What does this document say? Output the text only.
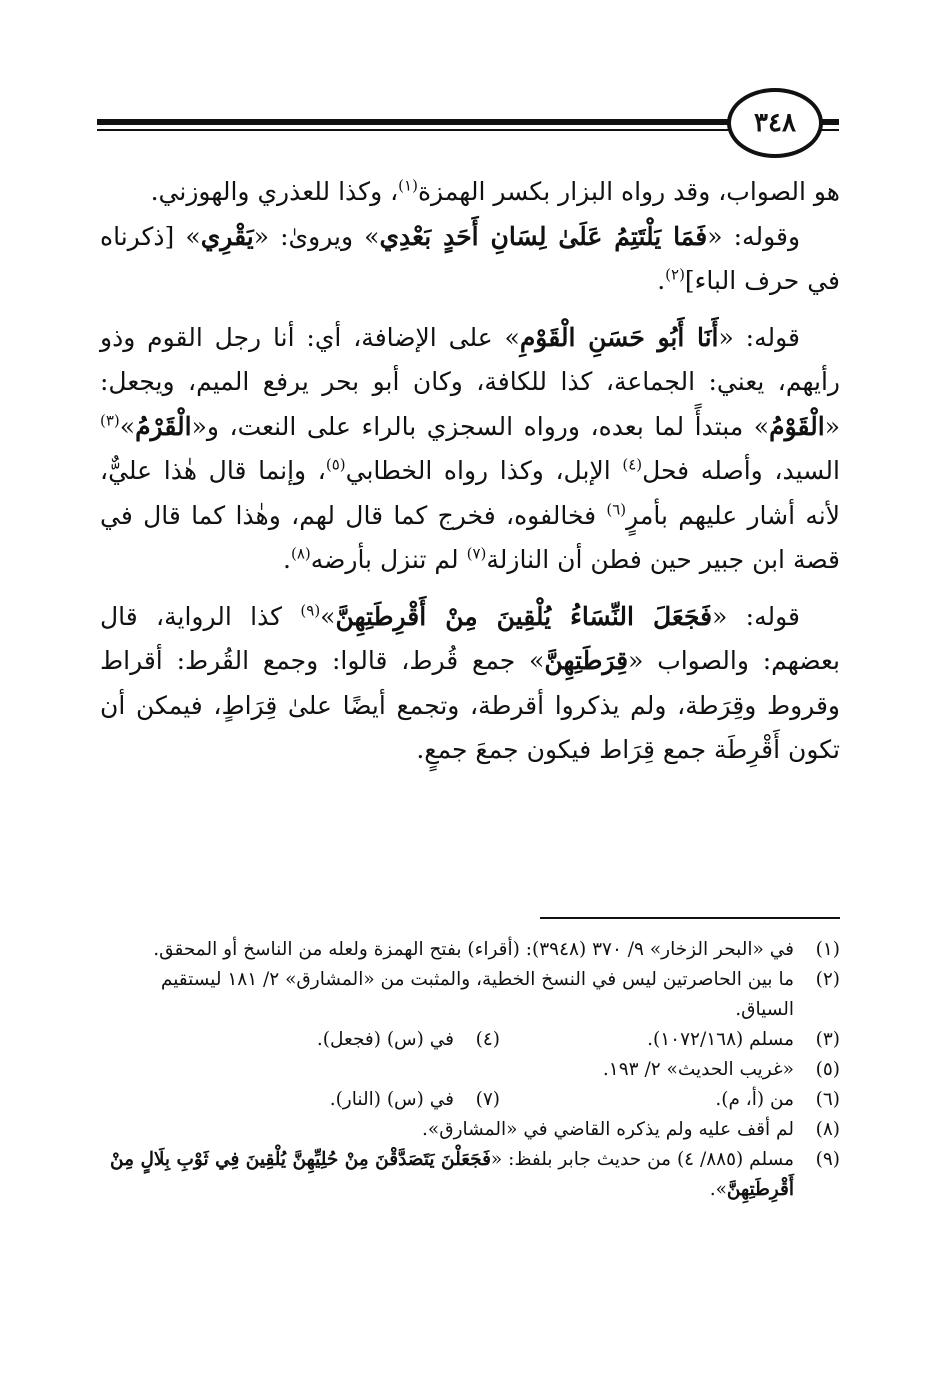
٣٤٨

هو الصواب، وقد رواه البزار بكسر الهمزة$^{(١)}$، وكذا للعذري والهوزني.

وقوله: «فَمَا يَلْتَتِمُ عَلَىٰ لِسَانِ أَحَدٍ بَعْدِي» ويروىٰ: «يَقْرِي» [ذكرناه في حرف الباء]$^{(٢)}$.

قوله: «أَنَا أَبُو حَسَنِ الْقَوْمِ» على الإضافة، أي: أنا رجل القوم وذو رأيهم، يعني: الجماعة، كذا للكافة، وكان أبو بحر يرفع الميم، ويجعل: «الْقَوْمُ» مبتدأً لما بعده، ورواه السجزي بالراء على النعت، و«الْقَرْمُ»$^{(٣)}$ السيد، وأصله فحل$^{(٤)}$ الإبل، وكذا رواه الخطابي$^{(٥)}$، وإنما قال هٰذا عليٌّ، لأنه أشار عليهم بأمرٍ$^{(٦)}$ فخالفوه، فخرج كما قال لهم، وهٰذا كما قال في قصة ابن جبير حين فطن أن النازلة$^{(٧)}$ لم تنزل بأرضه$^{(٨)}$.

قوله: «فَجَعَلَ النِّسَاءُ يُلْقِينَ مِنْ أَقْرِطَتِهِنَّ»$^{(٩)}$ كذا الرواية، قال بعضهم: والصواب «قِرَطَتِهِنَّ» جمع قُرط، قالوا: وجمع القُرط: أقراط وقروط وقِرَطة، ولم يذكروا أقرطة، وتجمع أيضًا علىٰ قِرَاطٍ، فيمكن أن تكون أَقْرِطَة جمع قِرَاط فيكون جمعَ جمعٍ.

(١)
في «البحر الزخار» ٩/ ٣٧٠ (٣٩٤٨): (أقراء) بفتح الهمزة ولعله من الناسخ أو المحقق.
(٢)
ما بين الحاصرتين ليس في النسخ الخطية، والمثبت من «المشارق» ٢/ ١٨١ ليستقيم السياق.
(٣)
مسلم (١٠٧٢/١٦٨).
(٤)
في (س) (فجعل).
(٥)
«غريب الحديث» ٢/ ١٩٣.
(٦)
من (أ، م).
(٧)
في (س) (النار).
(٨)
لم أقف عليه ولم يذكره القاضي في «المشارق».
(٩)
مسلم (٨٨٥/ ٤) من حديث جابر بلفظ: «فَجَعَلْنَ يَتَصَدَّقْنَ مِنْ حُلِيِّهِنَّ يُلْقِينَ فِي ثَوْبِ بِلَالٍ مِنْ أَقْرِطَتِهِنَّ».
